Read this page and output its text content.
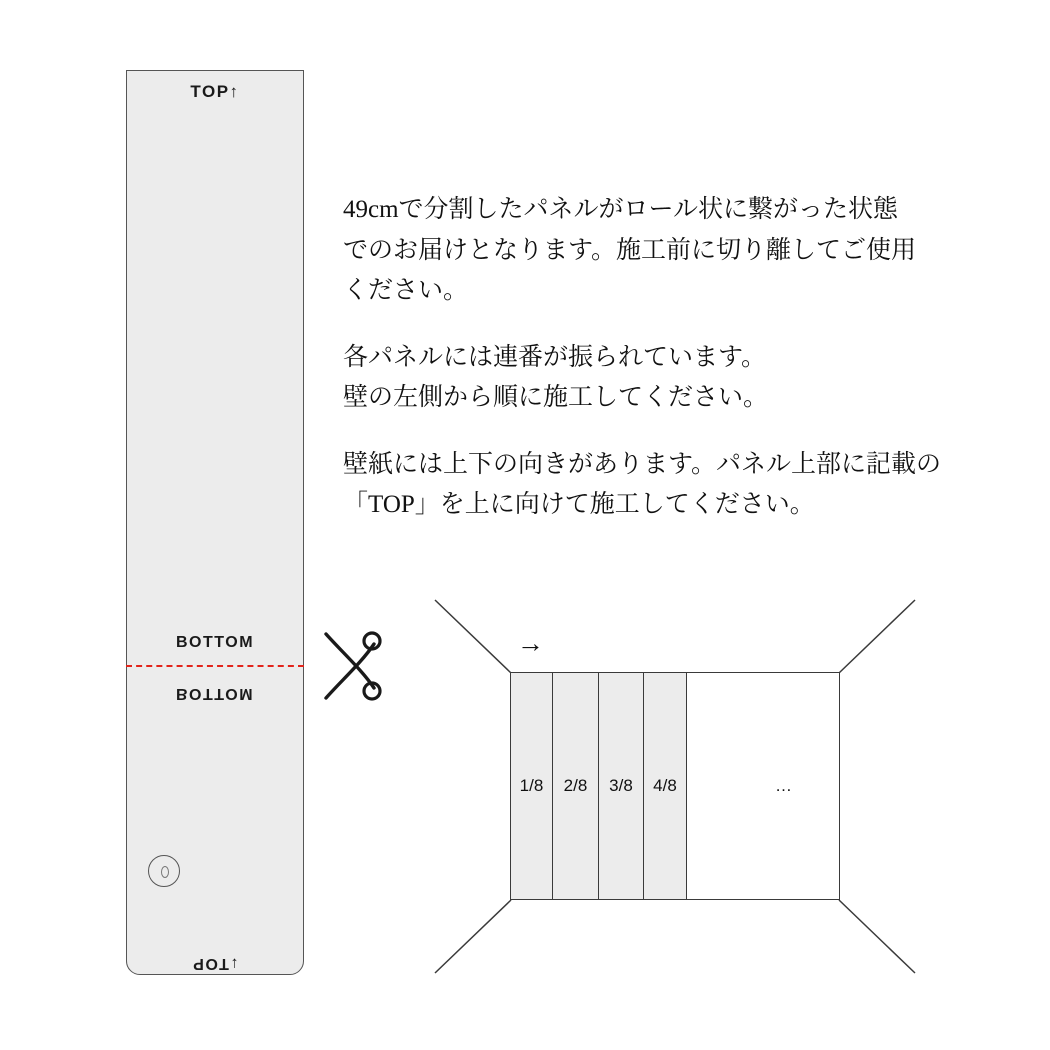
TOP↑
BOTTOM
BOTTOM
↓TOP

49cmで分割したパネルがロール状に繋がった状態

でのお届けとなります。施工前に切り離してご使用

ください。

各パネルには連番が振られています。

壁の左側から順に施工してください。

壁紙には上下の向きがあります。パネル上部に記載の

「TOP」を上に向けて施工してください。

→
1/8	2/8	3/8	4/8	…
